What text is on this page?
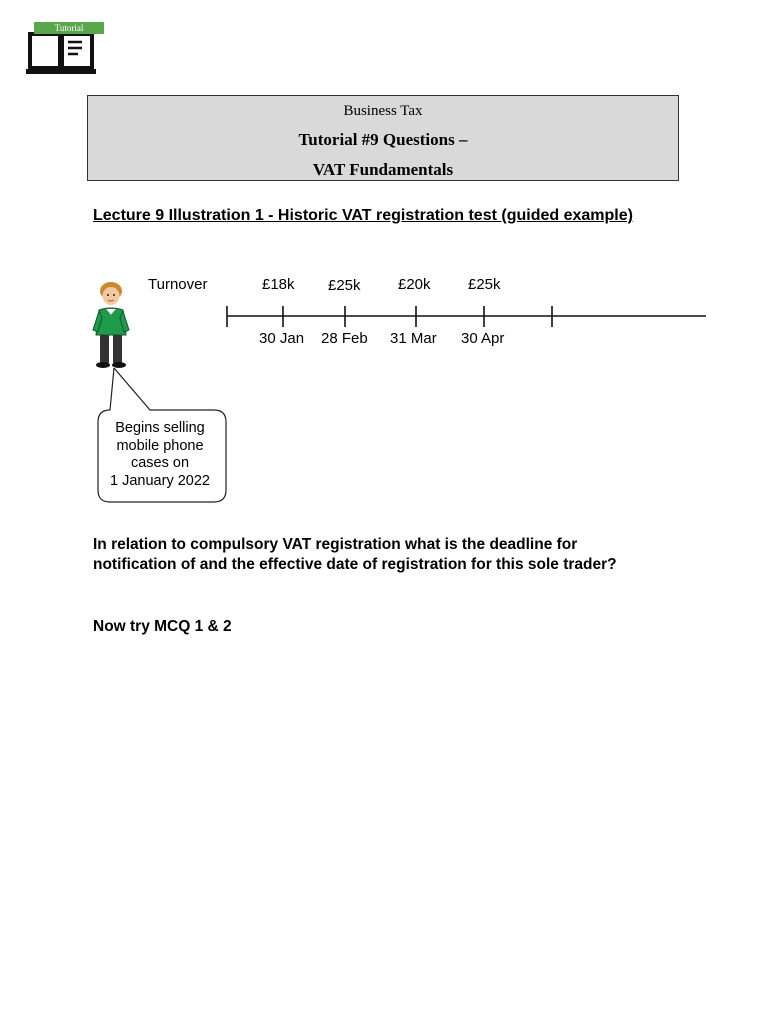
Tutorial
Business Tax
Tutorial #9 Questions –
VAT Fundamentals
Lecture 9 Illustration 1 - Historic VAT registration test (guided example)
Begins selling
mobile phone
cases on
1 January 2022
Turnover	£18k £25k £20k £25k
30 Jan 28 Feb 31 Mar 30 Apr
In relation to compulsory VAT registration what is the deadline for
notification of and the effective date of registration for this sole trader?
Now try MCQ 1 & 2
